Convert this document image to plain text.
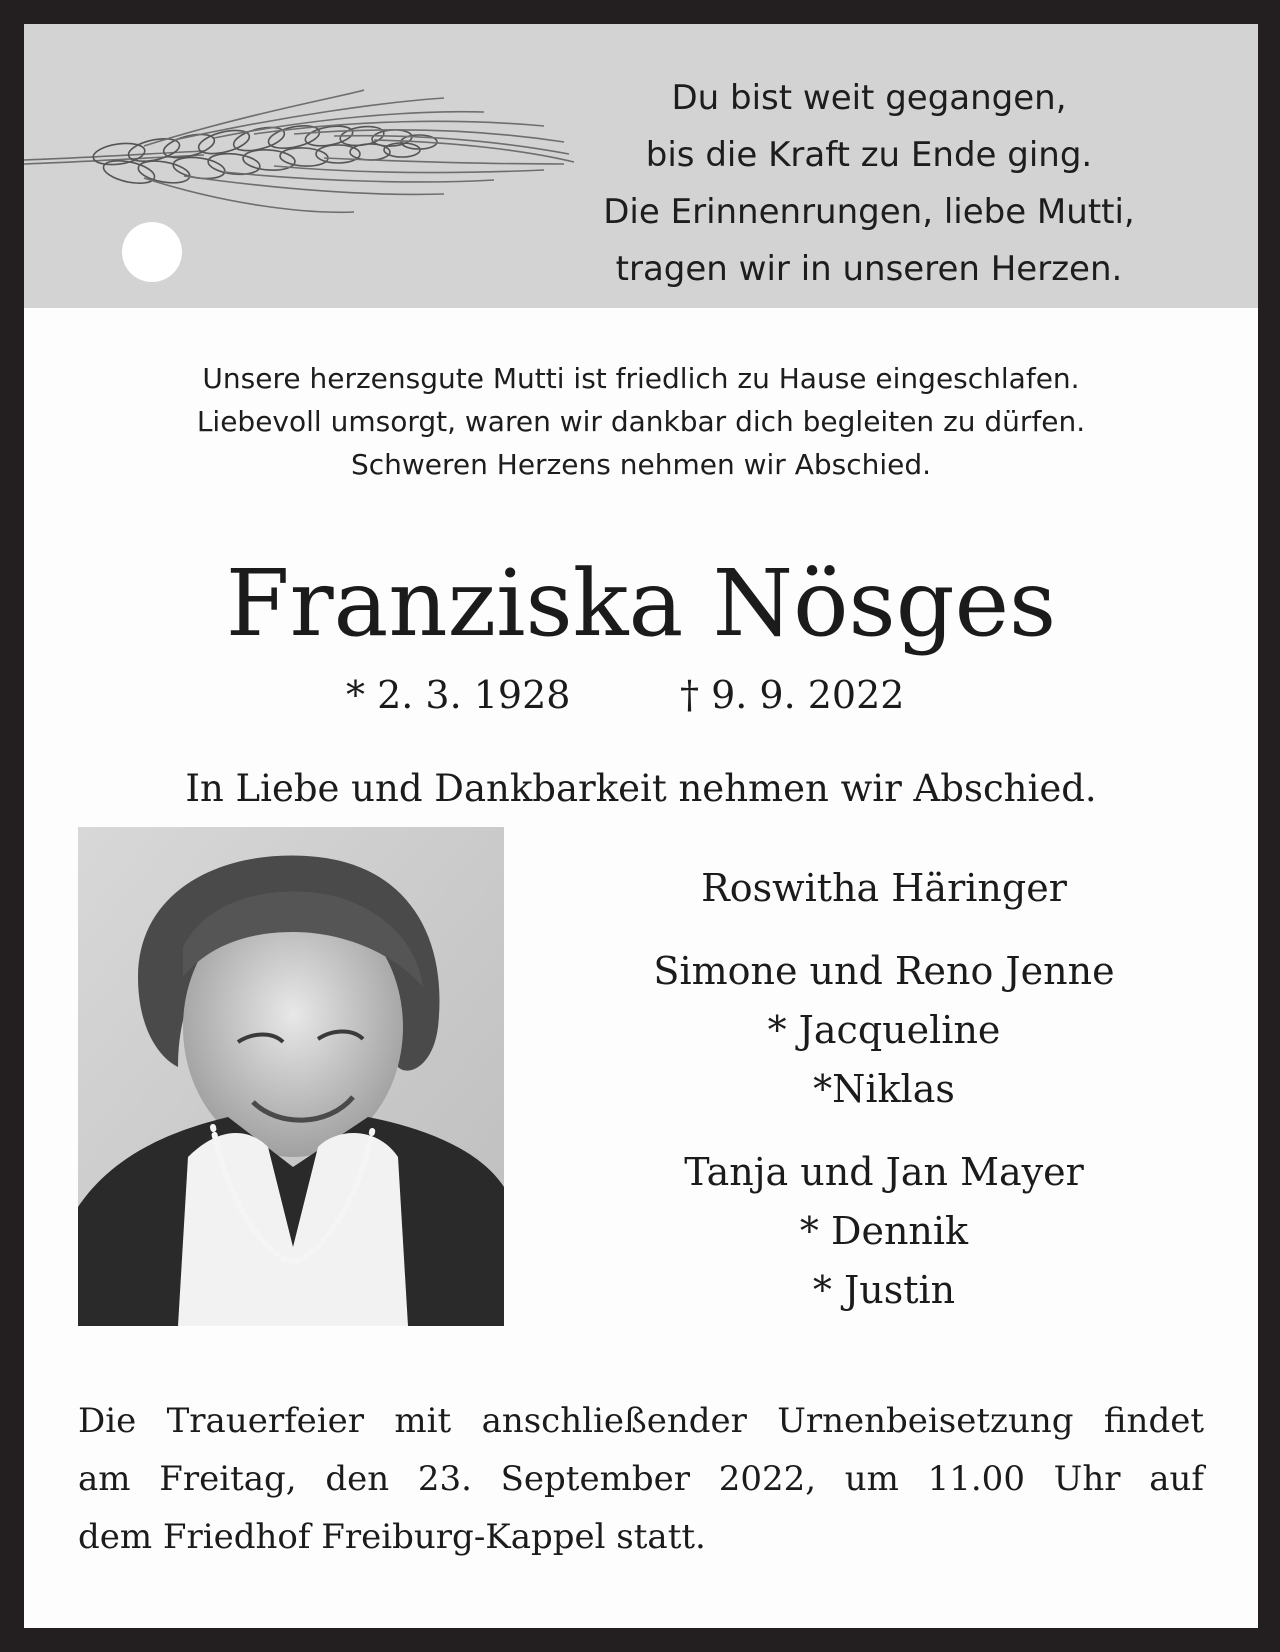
Du bist weit gegangen,
bis die Kraft zu Ende ging.
Die Erinnenrungen, liebe Mutti,
tragen wir in unseren Herzen.
Unsere herzensgute Mutti ist friedlich zu Hause eingeschlafen.
Liebevoll umsorgt, waren wir dankbar dich begleiten zu dürfen.
Schweren Herzens nehmen wir Abschied.
Franziska Nösges
* 2. 3. 1928	† 9. 9. 2022
In Liebe und Dankbarkeit nehmen wir Abschied.
Roswitha Häringer
Simone und Reno Jenne
* Jacqueline
*Niklas
Tanja und Jan Mayer
* Dennik
* Justin
Die Trauerfeier mit anschließender Urnenbeisetzung findet
am Freitag, den 23. September 2022, um 11.00 Uhr auf
dem Friedhof Freiburg-Kappel statt.
